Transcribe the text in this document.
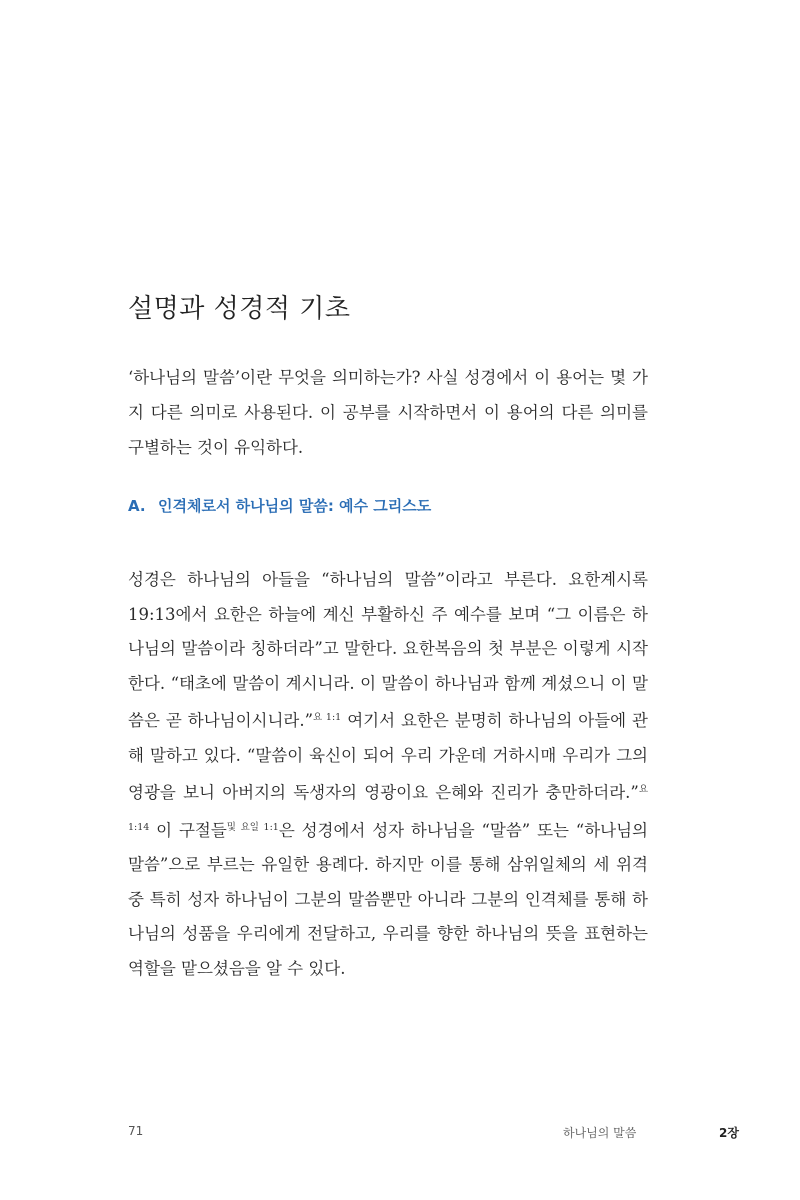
설명과 성경적 기초

‘하나님의 말씀’이란 무엇을 의미하는가? 사실 성경에서 이 용어는 몇 가지 다른 의미로 사용된다. 이 공부를 시작하면서 이 용어의 다른 의미를 구별하는 것이 유익하다.

A. 인격체로서 하나님의 말씀: 예수 그리스도

성경은 하나님의 아들을 “하나님의 말씀”이라고 부른다. 요한계시록 19:13에서 요한은 하늘에 계신 부활하신 주 예수를 보며 “그 이름은 하나님의 말씀이라 칭하더라”고 말한다. 요한복음의 첫 부분은 이렇게 시작한다. “태초에 말씀이 계시니라. 이 말씀이 하나님과 함께 계셨으니 이 말씀은 곧 하나님이시니라.”$^{요 1:1}$ 여기서 요한은 분명히 하나님의 아들에 관해 말하고 있다. “말씀이 육신이 되어 우리 가운데 거하시매 우리가 그의 영광을 보니 아버지의 독생자의 영광이요 은혜와 진리가 충만하더라.”$^{요 1:14}$ 이 구절들$^{및 요일 1:1}$은 성경에서 성자 하나님을 “말씀” 또는 “하나님의 말씀”으로 부르는 유일한 용례다. 하지만 이를 통해 삼위일체의 세 위격 중 특히 성자 하나님이 그분의 말씀뿐만 아니라 그분의 인격체를 통해 하나님의 성품을 우리에게 전달하고, 우리를 향한 하나님의 뜻을 표현하는 역할을 맡으셨음을 알 수 있다.

71	하나님의 말씀	2장
